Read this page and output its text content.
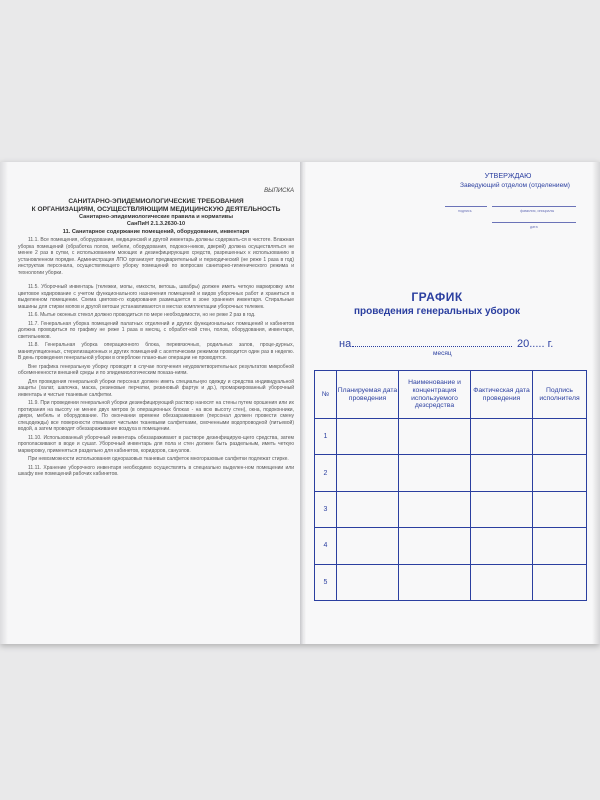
ВЫПИСКА
САНИТАРНО-ЭПИДЕМИОЛОГИЧЕСКИЕ ТРЕБОВАНИЯ
К ОРГАНИЗАЦИЯМ, ОСУЩЕСТВЛЯЮЩИМ МЕДИЦИНСКУЮ ДЕЯТЕЛЬНОСТЬ
Санитарно-эпидемиологические правила и нормативы
СанПиН 2.1.3.2630-10
11. Санитарное содержание помещений, оборудования, инвентаря
11.1. Все помещения, оборудование, медицинский и другой инвентарь должны содержать-ся в чистоте. Влажная уборка помещений (обработка полов, мебели, оборудования, подокон-ников, дверей) должна осуществляться не менее 2 раз в сутки, с использованием моющих и дезинфицирующих средств, разрешенных к использованию в установленном порядке. Администрация ЛПО организует предварительный и периодический (не реже 1 раза в год) инструктаж персонала, осуществляющего уборку помещений по вопросам санитарно-гигиенического режима и технологии уборки.
11.5. Уборочный инвентарь (тележки, мопы, емкости, ветошь, швабры) должен иметь четкую маркировку или цветовое кодирование с учетом функционального назначения помещений и видов уборочных работ и храниться в выделенном помещении. Схема цветово-го кодирования размещается в зоне хранения инвентаря. Стиральные машины для стирки мопов и другой ветоши устанавливаются в местах комплектации уборочных тележек.
11.6. Мытье оконных стекол должно проводиться по мере необходимости, но не реже 2 раз в год.
11.7. Генеральная уборка помещений палатных отделений и других функциональных помещений и кабинетов должна проводиться по графику не реже 1 раза в месяц, с обработ-кой стен, полов, оборудования, инвентаря, светильников.
11.8. Генеральная уборка операционного блока, перевязочных, родильных залов, проце-дурных, манипуляционных, стерилизационных и других помещений с асептическим режимом проводится один раз в неделю. В день проведения генеральной уборки в оперблоке плано-вые операции не проводятся.
Вне графика генеральную уборку проводят в случае получения неудовлетворительных результатов микробной обсемененности внешней среды и по эпидемиологическим показа-ниям.
Для проведения генеральной уборки персонал должен иметь специальную одежду и средства индивидуальной защиты (халат, шапочка, маска, резиновые перчатки, резиновый фартук и др.), промаркированный уборочный инвентарь и чистые тканевые салфетки.
11.9. При проведении генеральной уборки дезинфицирующий раствор наносят на стены путем орошения или их протирания на высоту не менее двух метров (в операционных блоках - на всю высоту стен), окна, подоконники, двери, мебель и оборудование. По окончании времени обеззараживания (персонал должен провести смену спецодежды) все поверхности отмывают чистыми тканевыми салфетками, смоченными водопроводной (питьевой) водой, а затем проводят обеззараживание воздуха в помещении.
11.10. Использованный уборочный инвентарь обеззараживают в растворе дезинфицирую-щего средства, затем прополаскивают в воде и сушат. Уборочный инвентарь для пола и стен должен быть раздельным, иметь четкую маркировку, применяться раздельно для кабинетов, коридоров, санузлов.
При невозможности использования одноразовых тканевых салфеток многоразовые салфетки подлежат стирке.
11.11. Хранение уборочного инвентаря необходимо осуществлять в специально выделен-ном помещении или шкафу вне помещений рабочих кабинетов.
УТВЕРЖДАЮ
Заведующий отделом (отделением)
подпись	фамилия, инициалы
дата
ГРАФИК
проведения генеральных уборок
на	20..... г.
месяц
№	Планируемая дата проведения	Наименование и концентрация используемого дезсредства	Фактическая дата проведения	Подпись исполнителя
1				
2				
3				
4				
5				
